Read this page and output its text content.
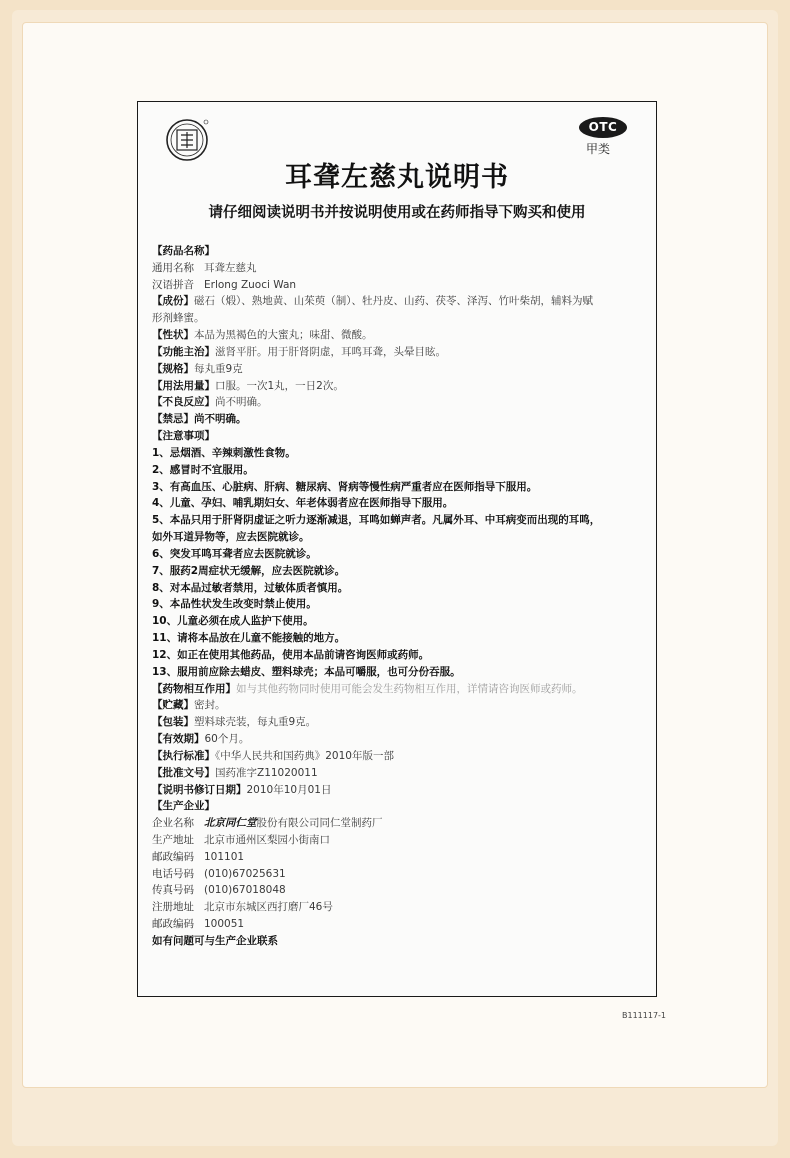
OTC
甲类
耳聋左慈丸说明书
请仔细阅读说明书并按说明使用或在药师指导下购买和使用
【药品名称】
通用名称 耳聋左慈丸
汉语拼音 Erlong Zuoci Wan
【成份】磁石（煅）、熟地黄、山茱萸（制）、牡丹皮、山药、茯苓、泽泻、竹叶柴胡，辅料为赋
形剂蜂蜜。
【性状】本品为黑褐色的大蜜丸；味甜、微酸。
【功能主治】滋肾平肝。用于肝肾阴虚，耳鸣耳聋，头晕目眩。
【规格】每丸重9克
【用法用量】口服。一次1丸，一日2次。
【不良反应】尚不明确。
【禁忌】尚不明确。
【注意事项】
1、忌烟酒、辛辣刺激性食物。
2、感冒时不宜服用。
3、有高血压、心脏病、肝病、糖尿病、肾病等慢性病严重者应在医师指导下服用。
4、儿童、孕妇、哺乳期妇女、年老体弱者应在医师指导下服用。
5、本品只用于肝肾阴虚证之听力逐渐减退，耳鸣如蝉声者。凡属外耳、中耳病变而出现的耳鸣，
如外耳道异物等，应去医院就诊。
6、突发耳鸣耳聋者应去医院就诊。
7、服药2周症状无缓解，应去医院就诊。
8、对本品过敏者禁用，过敏体质者慎用。
9、本品性状发生改变时禁止使用。
10、儿童必须在成人监护下使用。
11、请将本品放在儿童不能接触的地方。
12、如正在使用其他药品，使用本品前请咨询医师或药师。
13、服用前应除去蜡皮、塑料球壳；本品可嚼服，也可分份吞服。
【药物相互作用】如与其他药物同时使用可能会发生药物相互作用，详情请咨询医师或药师。
【贮藏】密封。
【包装】塑料球壳装，每丸重9克。
【有效期】60个月。
【执行标准】《中华人民共和国药典》2010年版一部
【批准文号】国药准字Z11020011
【说明书修订日期】2010年10月01日
【生产企业】
企业名称 北京同仁堂股份有限公司同仁堂制药厂
生产地址 北京市通州区梨园小街南口
邮政编码 101101
电话号码 (010)67025631
传真号码 (010)67018048
注册地址 北京市东城区西打磨厂46号
邮政编码 100051
如有问题可与生产企业联系
B111117-1
